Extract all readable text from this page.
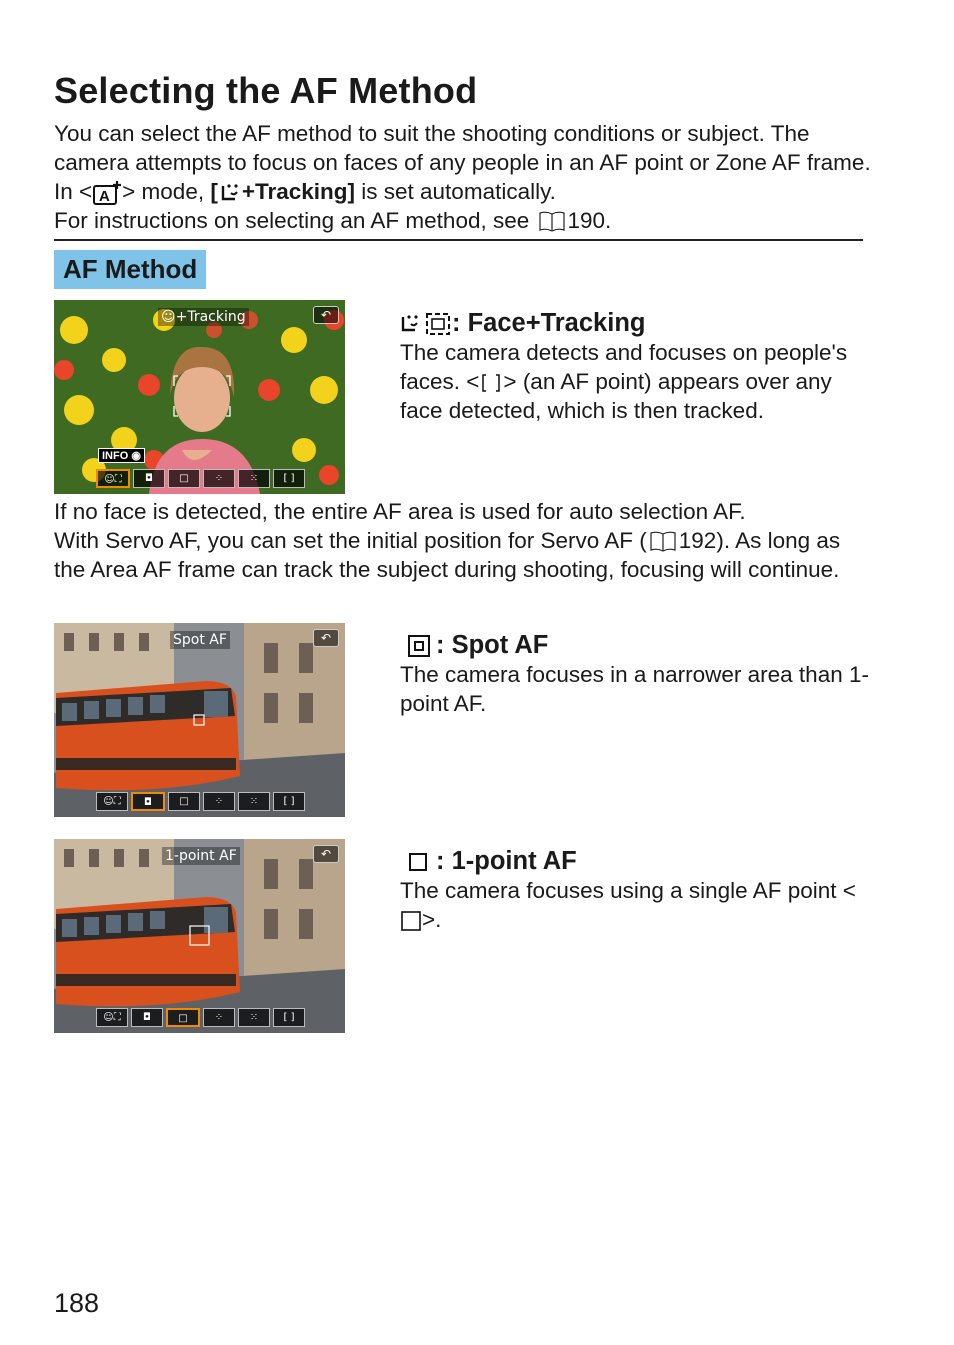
Selecting the AF Method
You can select the AF method to suit the shooting conditions or subject. The camera attempts to focus on faces of any people in an AF point or Zone AF frame. In < A > mode, [ +Tracking] is set automatically.
For instructions on selecting an AF method, see 190.
AF Method
☺+Tracking	↶
INFO ◉
☺⛶	◘	□	⁘	⁙	[ ]
: Face+Tracking
The camera detects and focuses on people's faces. < > (an AF point) appears over any face detected, which is then tracked.
If no face is detected, the entire AF area is used for auto selection AF.
With Servo AF, you can set the initial position for Servo AF ( 192). As long as the Area AF frame can track the subject during shooting, focusing will continue.
Spot AF	↶
☺⛶	◘	□	⁘	⁙	[ ]
: Spot AF
The camera focuses in a narrower area than 1-point AF.
1-point AF	↶
☺⛶	◘	□	⁘	⁙	[ ]
: 1-point AF
The camera focuses using a single AF point <>.
188
